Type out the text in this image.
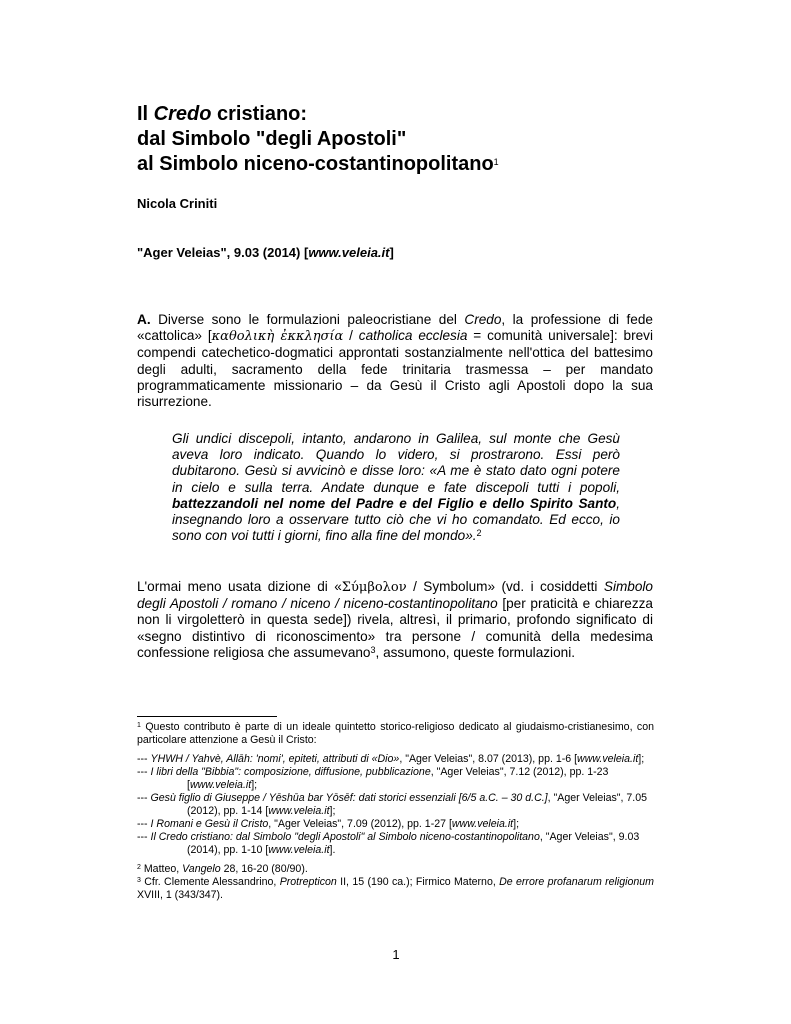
Il Credo cristiano:
dal Simbolo "degli Apostoli"
al Simbolo niceno-costantinopolitano$^1$
Nicola Criniti
"Ager Veleias", 9.03 (2014) [www.veleia.it]
A. Diverse sono le formulazioni paleocristiane del Credo, la professione di fede «cattolica» [καθολικὴ ἐκκλησία / catholica ecclesia = comunità universale]: brevi compendi catechetico-dogmatici approntati sostanzialmente nell'ottica del battesimo degli adulti, sacramento della fede trinitaria trasmessa – per mandato programmaticamente missionario – da Gesù il Cristo agli Apostoli dopo la sua risurrezione.
Gli undici discepoli, intanto, andarono in Galilea, sul monte che Gesù aveva loro indicato. Quando lo videro, si prostrarono. Essi però dubitarono. Gesù si avvicinò e disse loro: «A me è stato dato ogni potere in cielo e sulla terra. Andate dunque e fate discepoli tutti i popoli, battezzandoli nel nome del Padre e del Figlio e dello Spirito Santo, insegnando loro a osservare tutto ciò che vi ho comandato. Ed ecco, io sono con voi tutti i giorni, fino alla fine del mondo».$^2$
L'ormai meno usata dizione di «Σύμβολον / Symbolum» (vd. i cosiddetti Simbolo degli Apostoli / romano / niceno / niceno-costantinopolitano [per praticità e chiarezza non li virgoletterò in questa sede]) rivela, altresì, il primario, profondo significato di «segno distintivo di riconoscimento» tra persone / comunità della medesima confessione religiosa che assumevano$^3$, assumono, queste formulazioni.
$^1$ Questo contributo è parte di un ideale quintetto storico-religioso dedicato al giudaismo-cristianesimo, con particolare attenzione a Gesù il Cristo:

--- YHWH / Yahvè, Allāh: 'nomi', epiteti, attributi di «Dio», "Ager Veleias", 8.07 (2013), pp. 1-6 [www.veleia.it];

--- I libri della "Bibbia": composizione, diffusione, pubblicazione, "Ager Veleias", 7.12 (2012), pp. 1-23 [www.veleia.it];

--- Gesù figlio di Giuseppe / Yēshūa bar Yōsēf: dati storici essenziali [6/5 a.C. – 30 d.C.], "Ager Veleias", 7.05 (2012), pp. 1-14 [www.veleia.it];

--- I Romani e Gesù il Cristo, "Ager Veleias", 7.09 (2012), pp. 1-27 [www.veleia.it];

--- Il Credo cristiano: dal Simbolo "degli Apostoli" al Simbolo niceno-costantinopolitano, "Ager Veleias", 9.03 (2014), pp. 1-10 [www.veleia.it].

$^2$ Matteo, Vangelo 28, 16-20 (80/90).
$^3$ Cfr. Clemente Alessandrino, Protrepticon II, 15 (190 ca.); Firmico Materno, De errore profanarum religionum XVIII, 1 (343/347).
1
